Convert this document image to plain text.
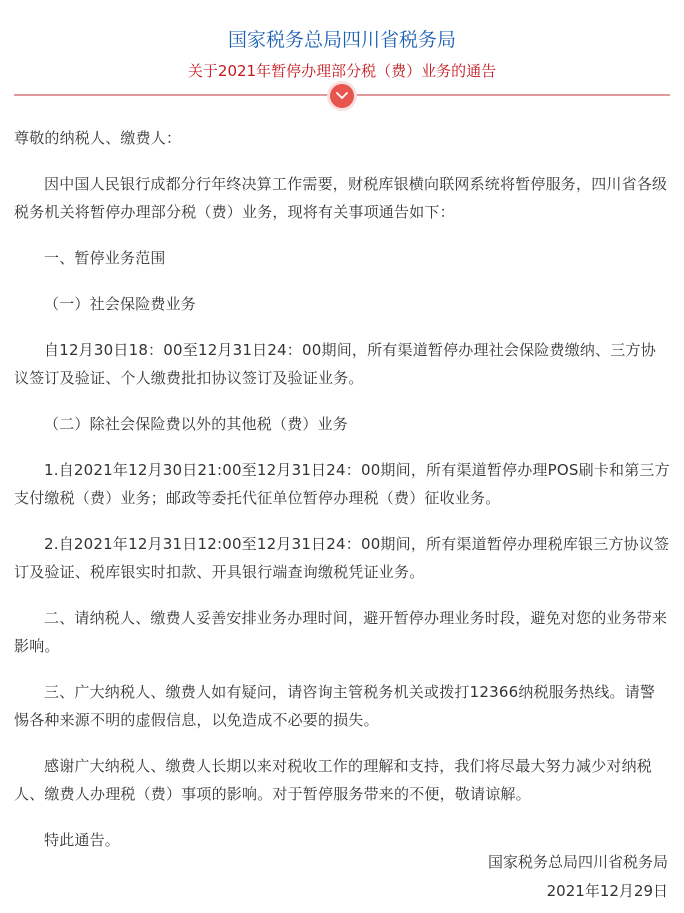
国家税务总局四川省税务局
关于2021年暂停办理部分税（费）业务的通告

尊敬的纳税人、缴费人：

因中国人民银行成都分行年终决算工作需要，财税库银横向联网系统将暂停服务，四川省各级税务机关将暂停办理部分税（费）业务，现将有关事项通告如下：

一、暂停业务范围

（一）社会保险费业务

自12月30日18：00至12月31日24：00期间，所有渠道暂停办理社会保险费缴纳、三方协议签订及验证、个人缴费批扣协议签订及验证业务。

（二）除社会保险费以外的其他税（费）业务

1.自2021年12月30日21:00至12月31日24：00期间，所有渠道暂停办理POS刷卡和第三方支付缴税（费）业务；邮政等委托代征单位暂停办理税（费）征收业务。

2.自2021年12月31日12:00至12月31日24：00期间，所有渠道暂停办理税库银三方协议签订及验证、税库银实时扣款、开具银行端查询缴税凭证业务。

二、请纳税人、缴费人妥善安排业务办理时间，避开暂停办理业务时段，避免对您的业务带来影响。

三、广大纳税人、缴费人如有疑问，请咨询主管税务机关或拨打12366纳税服务热线。请警惕各种来源不明的虚假信息，以免造成不必要的损失。

感谢广大纳税人、缴费人长期以来对税收工作的理解和支持，我们将尽最大努力减少对纳税人、缴费人办理税（费）事项的影响。对于暂停服务带来的不便，敬请谅解。

特此通告。

国家税务总局四川省税务局
2021年12月29日
